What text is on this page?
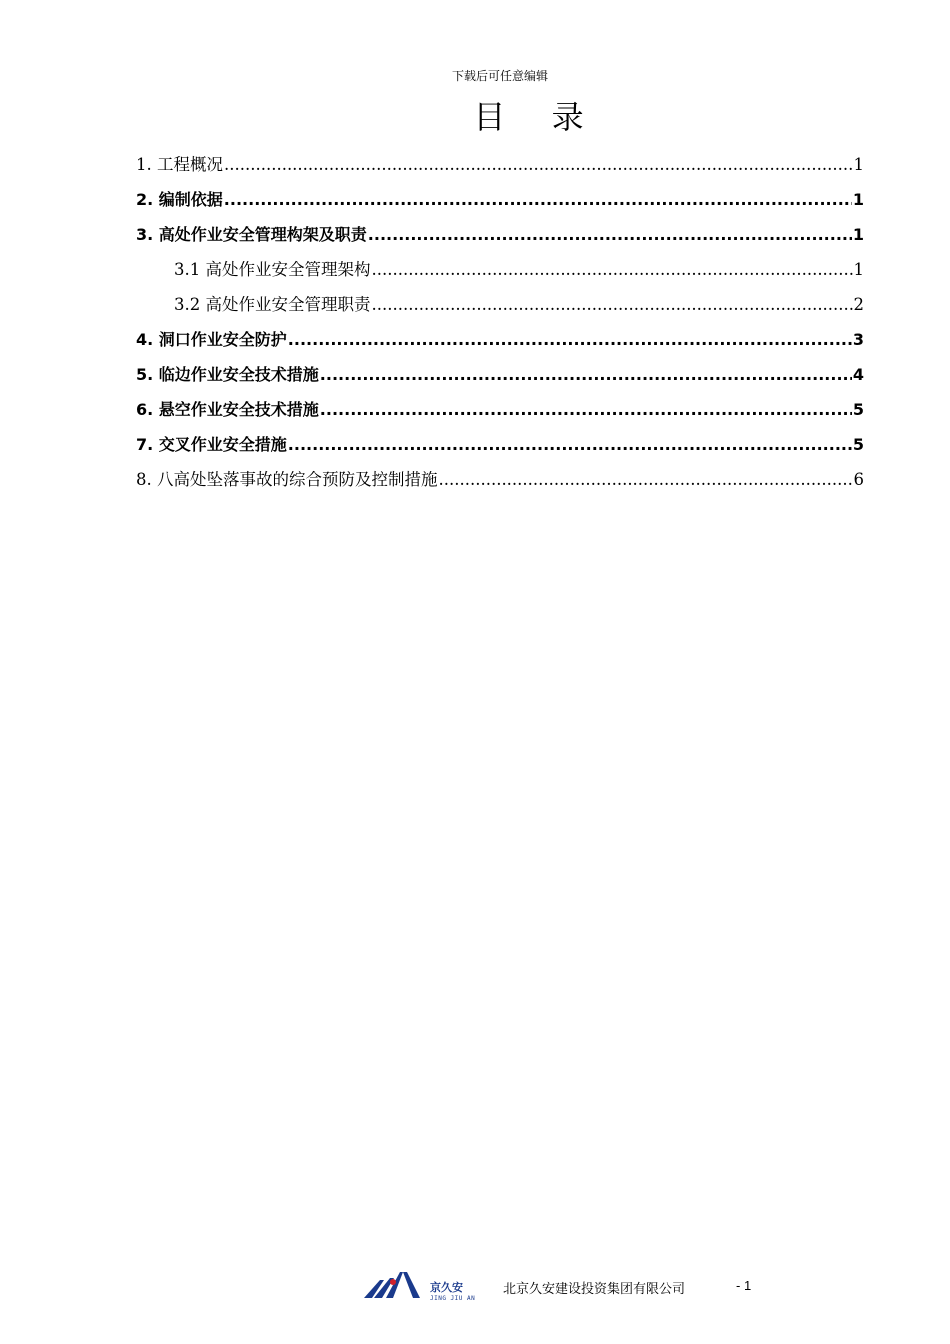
下载后可任意编辑
目 录
1. 工程概况 .....	1
2. 编制依据 .....	1
3. 高处作业安全管理构架及职责 .....	1
3.1 高处作业安全管理架构 .....	1
3.2 高处作业安全管理职责 .....	2
4. 洞口作业安全防护 .....	3
5. 临边作业安全技术措施 .....	4
6. 悬空作业安全技术措施 .....	5
7. 交叉作业安全措施 .....	5
8. 八高处坠落事故的综合预防及控制措施 .....	6
京久安
JING JIU AN
北京久安建设投资集团有限公司	- 1
